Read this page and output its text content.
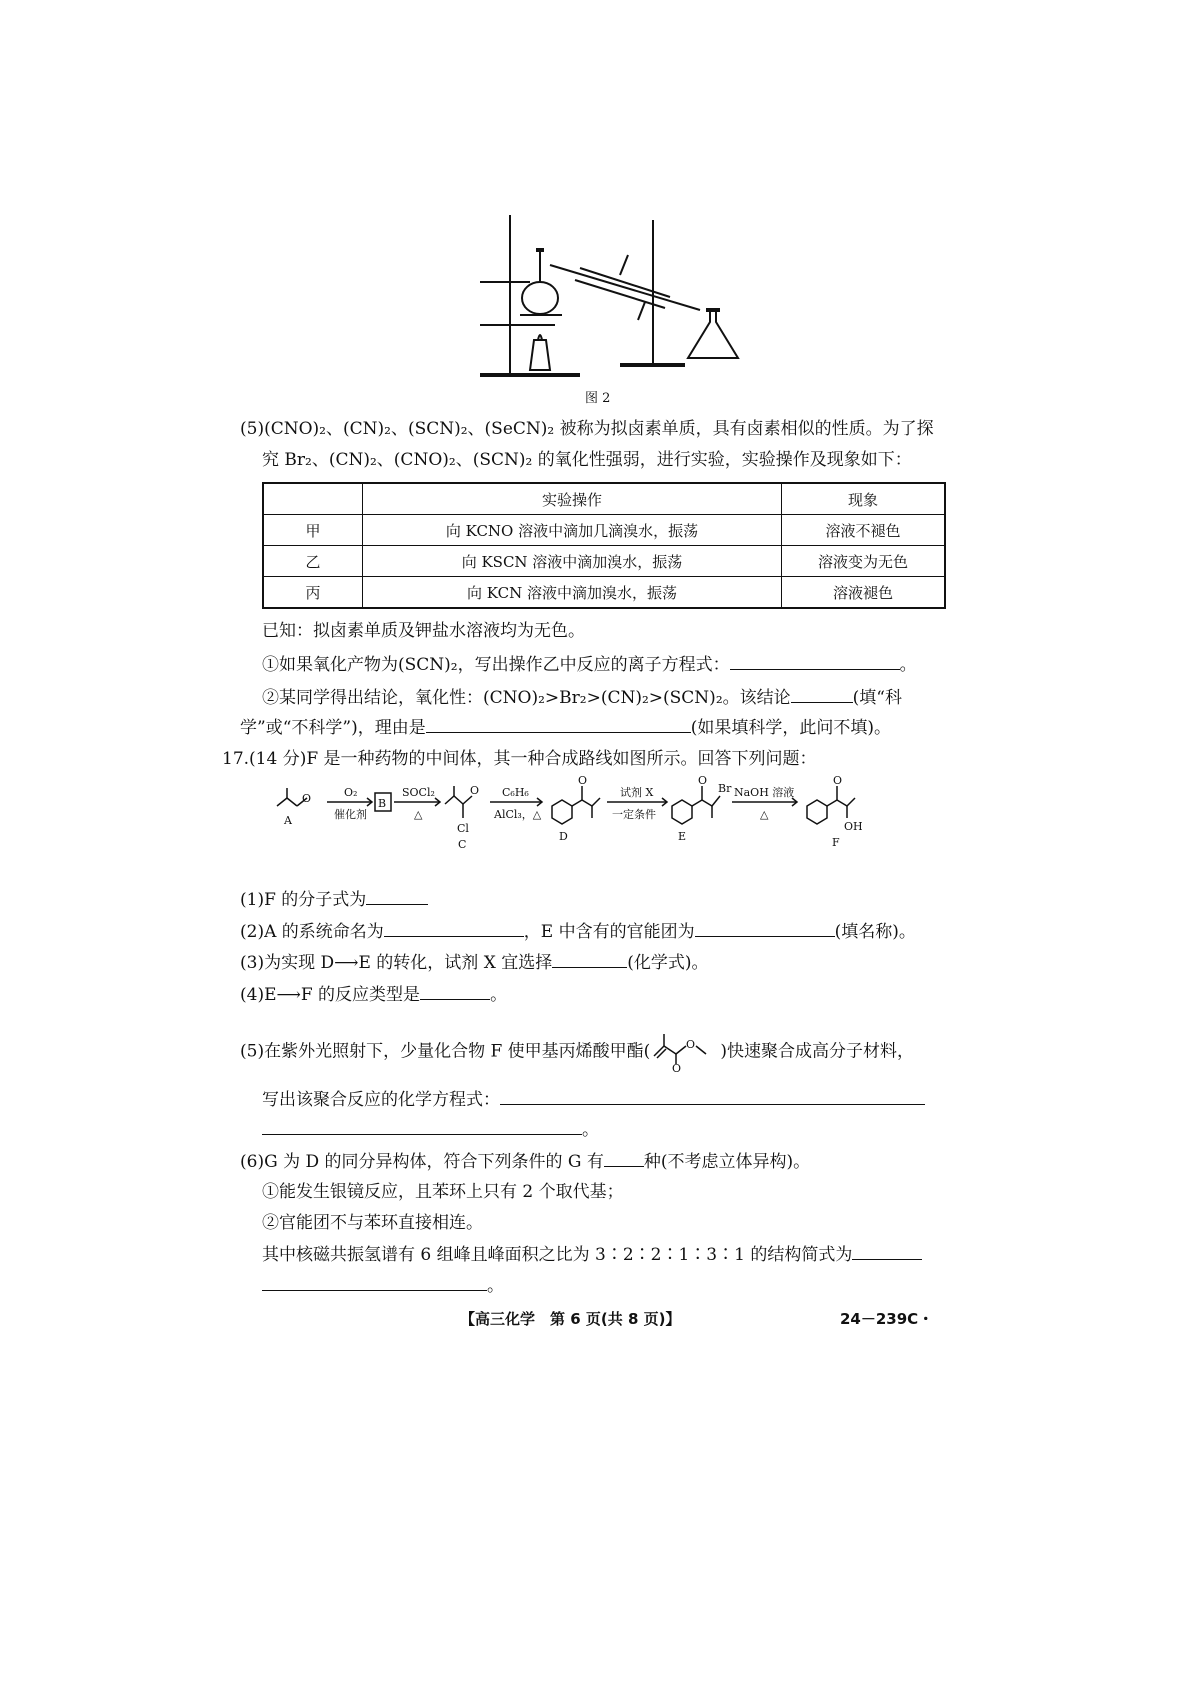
图 2
(5)(CNO)₂、(CN)₂、(SCN)₂、(SeCN)₂ 被称为拟卤素单质，具有卤素相似的性质。为了探
究 Br₂、(CN)₂、(CNO)₂、(SCN)₂ 的氧化性强弱，进行实验，实验操作及现象如下：
	实验操作	现象
甲	向 KCNO 溶液中滴加几滴溴水，振荡	溶液不褪色
乙	向 KSCN 溶液中滴加溴水，振荡	溶液变为无色
丙	向 KCN 溶液中滴加溴水，振荡	溶液褪色
已知：拟卤素单质及钾盐水溶液均为无色。
①如果氧化产物为(SCN)₂，写出操作乙中反应的离子方程式：	。
②某同学得出结论，氧化性：(CNO)₂>Br₂>(CN)₂>(SCN)₂。该结论	(填“科
学”或“不科学”)，理由是	(如果填科学，此问不填)。
17.(14 分)F 是一种药物的中间体，其一种合成路线如图所示。回答下列问题：
A
O	O₂
催化剂
B
SOCl₂
△
O
Cl
C
C₆H₆
AlCl₃，△
O
D
试剂 X
一定条件
O
Br
E
NaOH 溶液
△
O
OH
F
(1)F 的分子式为
(2)A 的系统命名为	，E 中含有的官能团为	(填名称)。
(3)为实现 D⟶E 的转化，试剂 X 宜选择	(化学式)。
(4)E⟶F 的反应类型是	。
(5)在紫外光照射下，少量化合物 F 使甲基丙烯酸甲酯(	O
O
)快速聚合成高分子材料，
写出该聚合反应的化学方程式：
。
(6)G 为 D 的同分异构体，符合下列条件的 G 有 种(不考虑立体异构)。
①能发生银镜反应，且苯环上只有 2 个取代基；
②官能团不与苯环直接相连。
其中核磁共振氢谱有 6 组峰且峰面积之比为 3∶2∶2∶1∶3∶1 的结构简式为
。
【高三化学　第 6 页(共 8 页)】	24－239C・
